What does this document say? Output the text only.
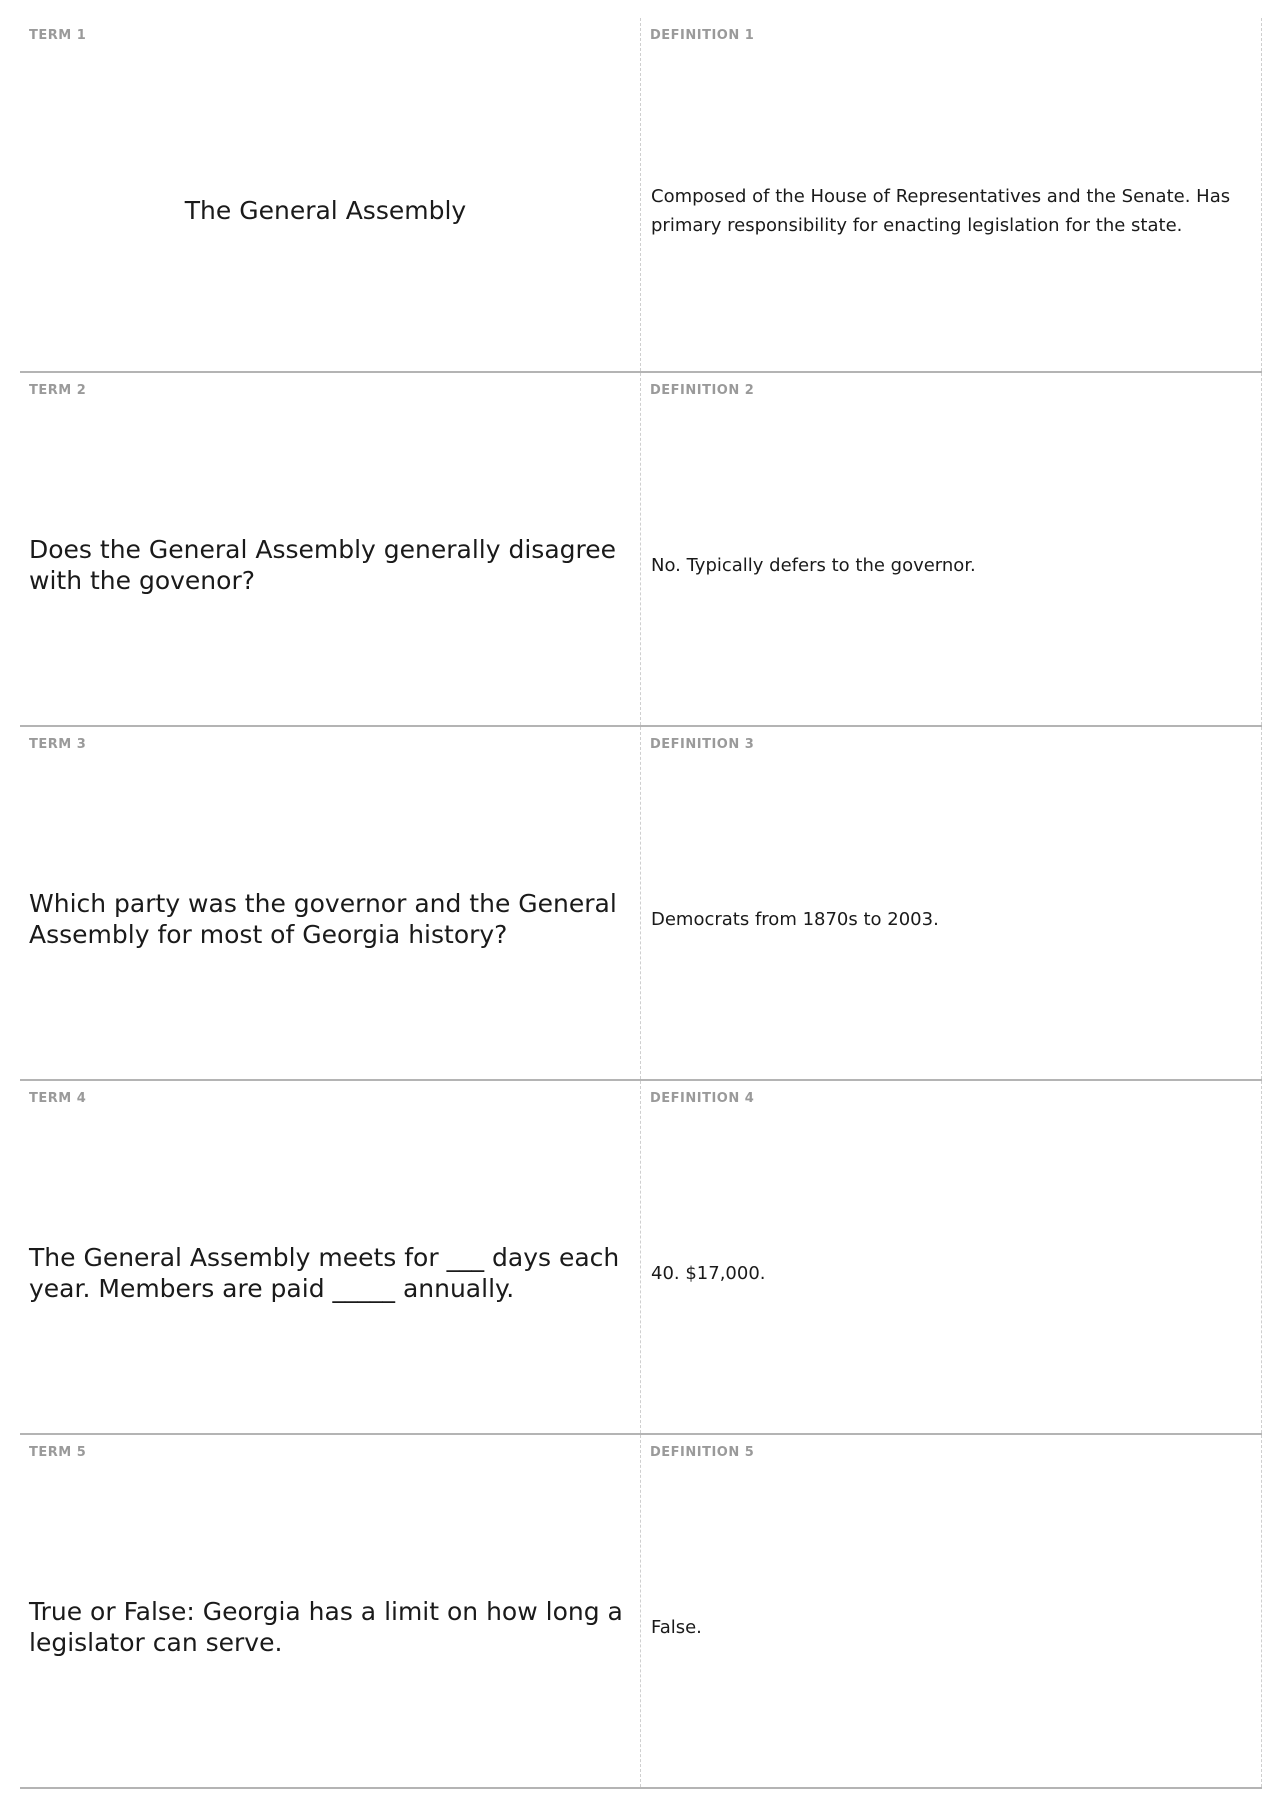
TERM 1
The General Assembly
DEFINITION 1
Composed of the House of Representatives and the Senate. Has primary responsibility for enacting legislation for the state.
TERM 2
Does the General Assembly generally disagree with the govenor?
DEFINITION 2
No. Typically defers to the governor.
TERM 3
Which party was the governor and the General Assembly for most of Georgia history?
DEFINITION 3
Democrats from 1870s to 2003.
TERM 4
The General Assembly meets for ___ days each year. Members are paid _____ annually.
DEFINITION 4
40. $17,000.
TERM 5
True or False: Georgia has a limit on how long a legislator can serve.
DEFINITION 5
False.
